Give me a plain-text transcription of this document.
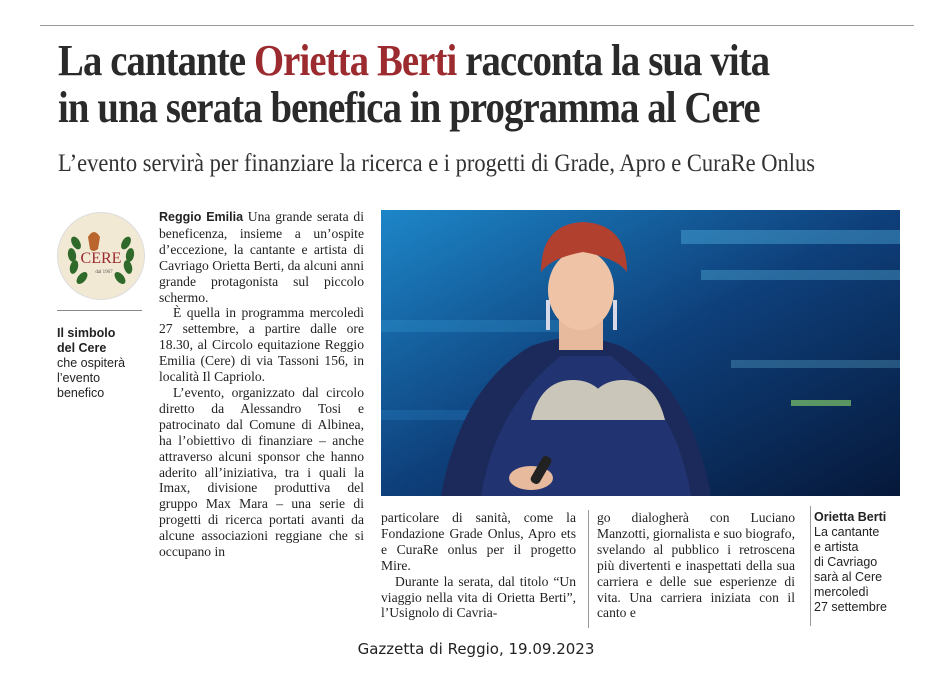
La cantante Orietta Berti racconta la sua vita
in una serata benefica in programma al Cere

L’evento servirà per finanziare la ricerca e i progetti di Grade, Apro e CuraRe Onlus

CERE
dal 1967
Il simbolo
del Cere
che ospiterà
l’evento
benefico

Reggio Emilia Una grande serata di beneficenza, insieme a un’ospite d’eccezione, la cantante e artista di Cavriago Orietta Berti, da alcuni anni grande protagonista sul piccolo schermo.

È quella in programma mercoledì 27 settembre, a partire dalle ore 18.30, al Circolo equitazione Reggio Emilia (Cere) di via Tassoni 156, in località Il Capriolo.

L’evento, organizzato dal circolo diretto da Alessandro Tosi e patrocinato dal Comune di Albinea, ha l’obiettivo di finanziare – anche attraverso alcuni sponsor che hanno aderito all’iniziativa, tra i quali la Imax, divisione produttiva del gruppo Max Mara – una serie di progetti di ricerca portati avanti da alcune associazioni reggiane che si occupano in

particolare di sanità, come la Fondazione Grade Onlus, Apro ets e CuraRe onlus per il progetto Mire.

Durante la serata, dal titolo “Un viaggio nella vita di Orietta Berti”, l’Usignolo di Cavria-

go dialogherà con Luciano Manzotti, giornalista e suo biografo, svelando al pubblico i retroscena più divertenti e inaspettati della sua carriera e delle sue esperienze di vita. Una carriera iniziata con il canto e

Orietta Berti
La cantante
e artista
di Cavriago
sarà al Cere
mercoledì
27 settembre
Gazzetta di Reggio, 19.09.2023
